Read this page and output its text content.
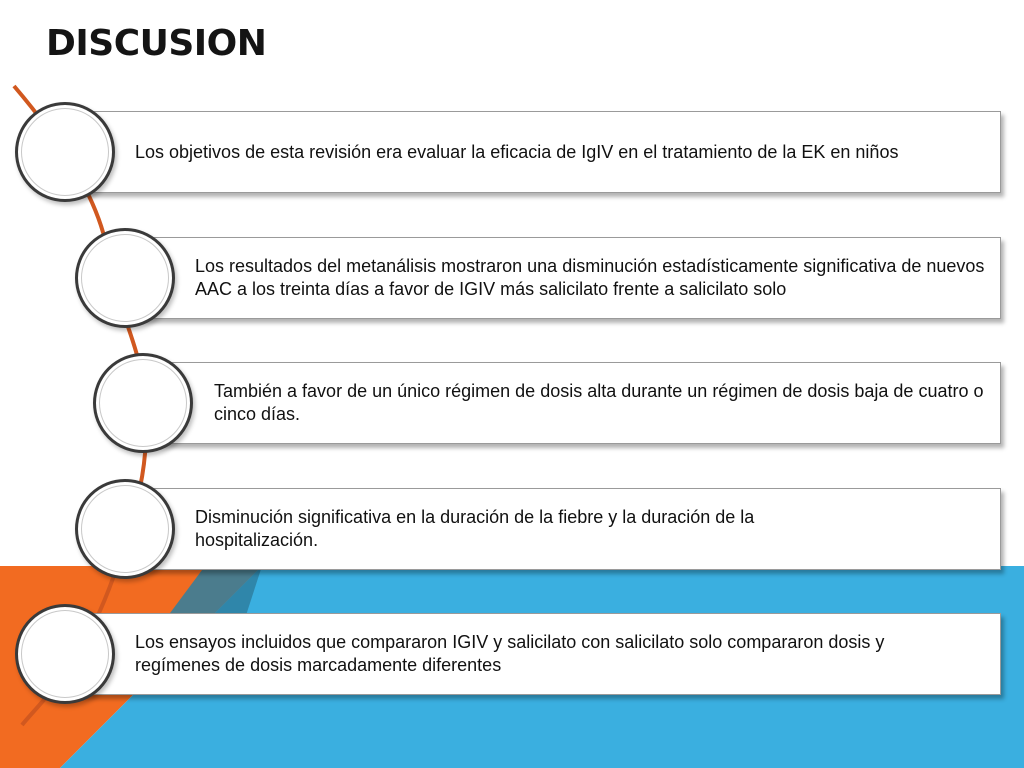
DISCUSION
Los objetivos de esta revisión era evaluar la eficacia de IgIV en el tratamiento de la EK en niños
Los resultados del metanálisis mostraron una disminución estadísticamente significativa de nuevos AAC a los treinta días a favor de IGIV más salicilato frente a salicilato solo
También a favor de un único régimen de dosis alta durante un régimen de dosis baja de cuatro o cinco días.
Disminución significativa en la duración de la fiebre y la duración de la hospitalización.
Los ensayos incluidos que compararon IGIV y salicilato con salicilato solo compararon dosis y regímenes de dosis marcadamente diferentes
